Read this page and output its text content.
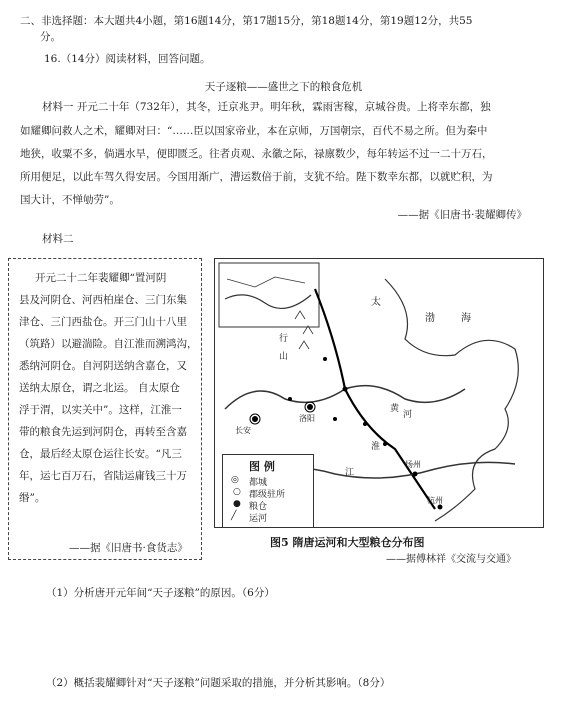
二、非选择题：本大题共4小题，第16题14分，第17题15分，第18题14分，第19题12分，共55
分。
16.（14分）阅读材料，回答问题。
天子逐粮——盛世之下的粮食危机
材料一 开元二十年（732年），其冬，迁京兆尹。明年秋，霖雨害稼，京城谷贵。上将幸东都，独
如耀卿问救人之术，耀卿对曰：“……臣以国家帝业，本在京师，万国朝宗，百代不易之所。但为秦中
地狭，收粟不多，倘遇水旱，便即匮乏。往者贞观、永徽之际，禄廪数少，每年转运不过一二十万石，
所用便足，以此车驾久得安居。今国用渐广，漕运数倍于前，支犹不给。陛下数幸东都，以就贮积，为
国大计，不惮劬劳”。
——据《旧唐书·裴耀卿传》
材料二
开元二十二年裴耀卿“置河阴
县及河阴仓、河西柏崖仓、三门东集
津仓、三门西盐仓。开三门山十八里
（筑路）以避湍险。自江淮而溯鸿沟，
悉纳河阴仓。自河阴送纳含嘉仓，又
送纳太原仓，谓之北运。 自太原仓
浮于渭，以实关中”。这样，江淮一
带的粮食先运到河阴仓，再转至含嘉
仓，最后经太原仓运往长安。“凡三
年，运七百万石，省陆运庸钱三十万
缗”。
——据《旧唐书·食货志》
太
渤	海
行
山
黄
河
长安
洛阳
扬州
杭州
淮
江
图 例
◎ 都城
○ 郡级驻所
● 粮仓
╱ 运河
图5 隋唐运河和大型粮仓分布图
——据傅林祥《交流与交通》
（1）分析唐开元年间“天子逐粮”的原因。（6分）
（2）概括裴耀卿针对“天子逐粮”问题采取的措施，并分析其影响。（8分）
